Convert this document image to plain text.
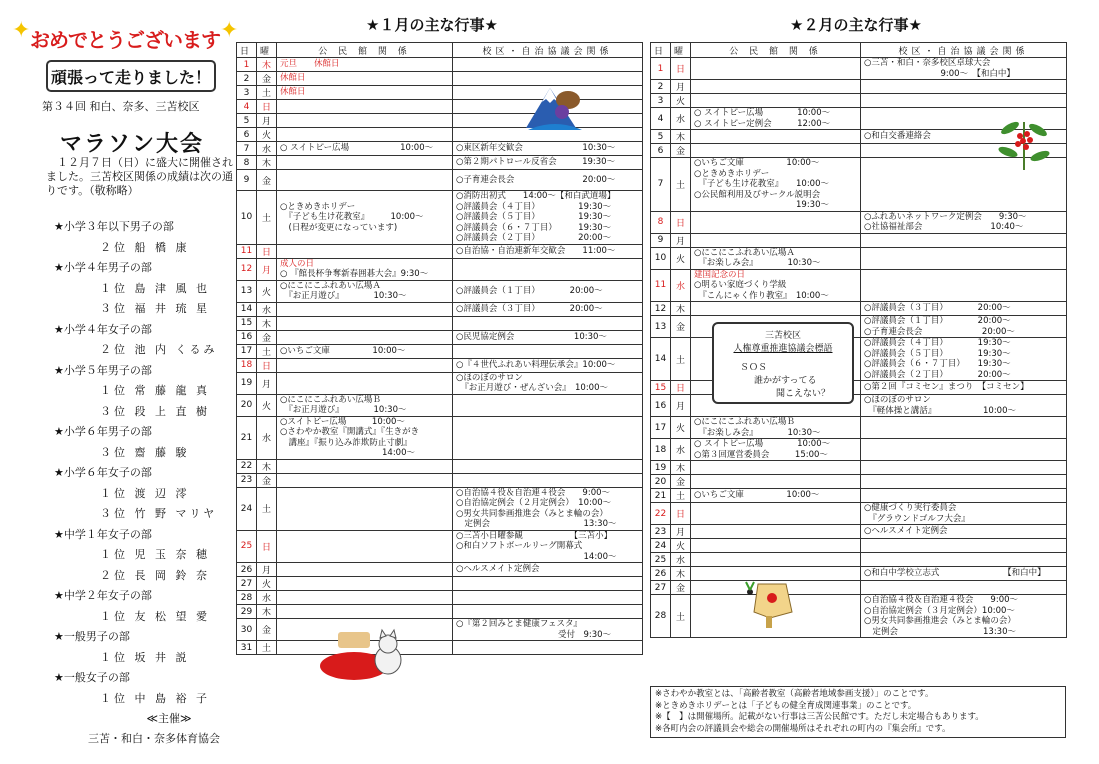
✦ おめでとうございます ✦
頑張って走りました！
第３４回 和白、奈多、三苫校区
マラソン大会
１２月７日（日）に盛大に開催されました。三苫校区関係の成績は次の通りです。（敬称略）
★小学３年以下男子の部
２位 船 橋 康
★小学４年男子の部
１位 島 津 風 也
３位 福 井 琉 星
★小学４年女子の部
２位 池 内 くるみ
★小学５年男子の部
１位 常 藤 龍 真
３位 段 上 直 樹
★小学６年男子の部
３位 齋 藤 駿
★小学６年女子の部
１位 渡 辺 澪
３位 竹 野 マリヤ
★中学１年女子の部
１位 児 玉 奈 穂
２位 長 岡 鈴 奈
★中学２年女子の部
１位 友 松 望 愛
★一般男子の部
１位 坂 井 説
★一般女子の部
１位 中 島 裕 子
≪主催≫
三苫・和白・奈多体育協会
★１月の主な行事★	★２月の主な行事★
日	曜	公 民 館 関 係	校区・自治協議会関係
1	木	元旦　　休館日	

2	金	休館日	

3	土	休館日	

4	日		
5	月		
6	火		
7	水	○ スイトピー広場　　　　　　10:00～	○東区新年交歓会　　　　　　　10:30～

8	木		○第２期パトロール反省会　　　19:30～

9	金		○子育連会長会　　　　　　　　20:00～

10	土	○ときめきホリデー
　『子ども生け花教室』　　　10:00～
　(日程が変更になっています)	○消防出初式　　14:00～【和白武道場】
○評議員会（４丁目）　　　　　19:30～
○評議員会（５丁目）　　　　　19:30～
○評議員会（６・７丁目）　　　19:30～
○評議員会（２丁目）　　　　　20:00～

11	日		○自治協・自治連新年交歓会　　11:00～

12	月	成人の日
○ 『館長杯争奪新春囲碁大会』9:30～	

13	火	○にこにこふれあい広場Ａ
　『お正月遊び』　　　　10:30～	○評議員会（１丁目）　　　　20:00～

14	水		○評議員会（３丁目）　　　　20:00～

15	木		
16	金		○民児協定例会　　　　　　　10:30～

17	土	○いちご文庫　　　　　10:00～	

18	日		○『４世代ふれあい料理伝承会』10:00～

19	月		○ほのぼのサロン
　『お正月遊び・ぜんざい会』　10:00～

20	火	○にこにこふれあい広場Ｂ
　『お正月遊び』　　　　10:30～	

21	水	○スイトピー広場　　　10:00～
○さわやか教室『開講式』『生きがき
　講座』『振り込み詐欺防止寸劇』
　　　　　　　　　　　　14:00～	

22	木		
23	金		
24	土		○自治協４役＆自治連４役会　　9:00～
○自治協定例会（２月定例会）　10:00～
○男女共同参画推進会（みとま輪の会）
　定例会　　　　　　　　　　　13:30～

25	日		○三苫小日曜参観　　　　　　【三苫小】
○和白ソフトボールリーグ開幕式
　　　　　　　　　　　　　　　14:00～

26	月		○ヘルスメイト定例会

27	火		
28	水		
29	木		
30	金		○『第２回みとま健康フェスタ』
　　　　　　　　　　　　受付　9:30～

31	土		
日	曜	公 民 館 関 係	校区・自治協議会関係
1	日		○三苫・和白・奈多校区卓球大会
　　　　　　　　　9:00～　【和白中】

2	月		
3	火		
4	水	○ スイトピー広場　　　　10:00～
○ スイトピー定例会　　　12:00～	

5	木		○和白交番連絡会

6	金		
7	土	○いちご文庫　　　　　10:00～
○ときめきホリデー
　『子ども生け花教室』　　10:00～
○公民館利用及びサークル説明会
　　　　　　　　　　　　19:30～	

8	日		○ふれあいネットワーク定例会　　9:30～
○社協福祉部会　　　　　　　　10:40～

9	月		
10	火	○にこにこふれあい広場Ａ
　『お楽しみ会』　　　　10:30～	

11	水	建国記念の日
○明るい家庭づくり学級
　『こんにゃく作り教室』　10:00～	

12	木		○評議員会（３丁目）　　　　20:00～

13	金		○評議員会（１丁目）　　　　20:00～
○子育連会長会　　　　　　　20:00～

14	土		○評議員会（４丁目）　　　　19:30～
○評議員会（５丁目）　　　　19:30～
○評議員会（６・７丁目）　　19:30～
○評議員会（２丁目）　　　　20:00～

15	日		○第２回『コミセン』まつり　【コミセン】

16	月		○ほのぼのサロン
　『軽体操と講話』　　　　　　10:00～

17	火	○にこにこふれあい広場Ｂ
　『お楽しみ会』　　　　10:30～	

18	水	○ スイトピー広場　　　　10:00～
○第３回運営委員会　　　15:00～	

19	木		
20	金		
21	土	○いちご文庫　　　　　10:00～	

22	日		○健康づくり実行委員会
　『グラウンドゴルフ大会』

23	月		○ヘルスメイト定例会

24	火		
25	水		
26	木		○和白中学校立志式　　　　　　　　【和白中】

27	金		
28	土		○自治協４役＆自治連４役会　　9:00～
○自治協定例会（３月定例会）10:00～
○男女共同参画推進会（みとま輪の会）
　定例会　　　　　　　　　　13:30～
三苫校区
人権尊重推進協議会標語
ＳＯＳ
誰かがすってる
聞こえない？
※さわやか教室とは、「高齢者教室（高齢者地域参画支援）」のことです。
※ときめきホリデーとは「子どもの健全育成関連事業」のことです。
※【　】は開催場所。記載がない行事は三苫公民館です。ただし未定場合もあります。
※各町内会の評議員会や総会の開催場所はそれぞれの町内の『集会所』です。
